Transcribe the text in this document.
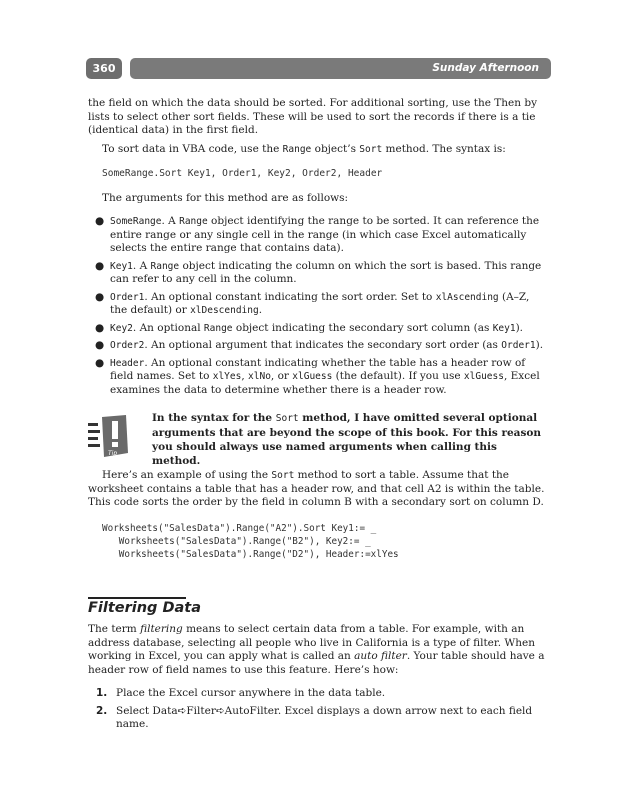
360	Sunday Afternoon

the field on which the data should be sorted. For additional sorting, use the Then by lists to select other sort fields. These will be used to sort the records if there is a tie (identical data) in the first field.

To sort data in VBA code, use the Range object’s Sort method. The syntax is:

SomeRange.Sort Key1, Order1, Key2, Order2, Header

The arguments for this method are as follows:

● SomeRange. A Range object identifying the range to be sorted. It can reference the entire range or any single cell in the range (in which case Excel automatically selects the entire range that contains data).
● Key1. A Range object indicating the column on which the sort is based. This range can refer to any cell in the column.
● Order1. An optional constant indicating the sort order. Set to xlAscending (A–Z, the default) or xlDescending.
● Key2. An optional Range object indicating the secondary sort column (as Key1).
● Order2. An optional argument that indicates the secondary sort order (as Order1).
● Header. An optional constant indicating whether the table has a header row of field names. Set to xlYes, xlNo, or xlGuess (the default). If you use xlGuess, Excel examines the data to determine whether there is a header row.
Tip
In the syntax for the Sort method, I have omitted several optional arguments that are beyond the scope of this book. For this reason you should always use named arguments when calling this method.

Here’s an example of using the Sort method to sort a table. Assume that the worksheet contains a table that has a header row, and that cell A2 is within the table. This code sorts the order by the field in column B with a secondary sort on column D.

Worksheets("SalesData").Range("A2").Sort Key1:= _
Worksheets("SalesData").Range("B2"), Key2:= _
Worksheets("SalesData").Range("D2"), Header:=xlYes
Filtering Data

The term filtering means to select certain data from a table. For example, with an address database, selecting all people who live in California is a type of filter. When working in Excel, you can apply what is called an auto filter. Your table should have a header row of field names to use this feature. Here’s how:

1. Place the Excel cursor anywhere in the data table.
2. Select Data➪Filter➪AutoFilter. Excel displays a down arrow next to each field name.
